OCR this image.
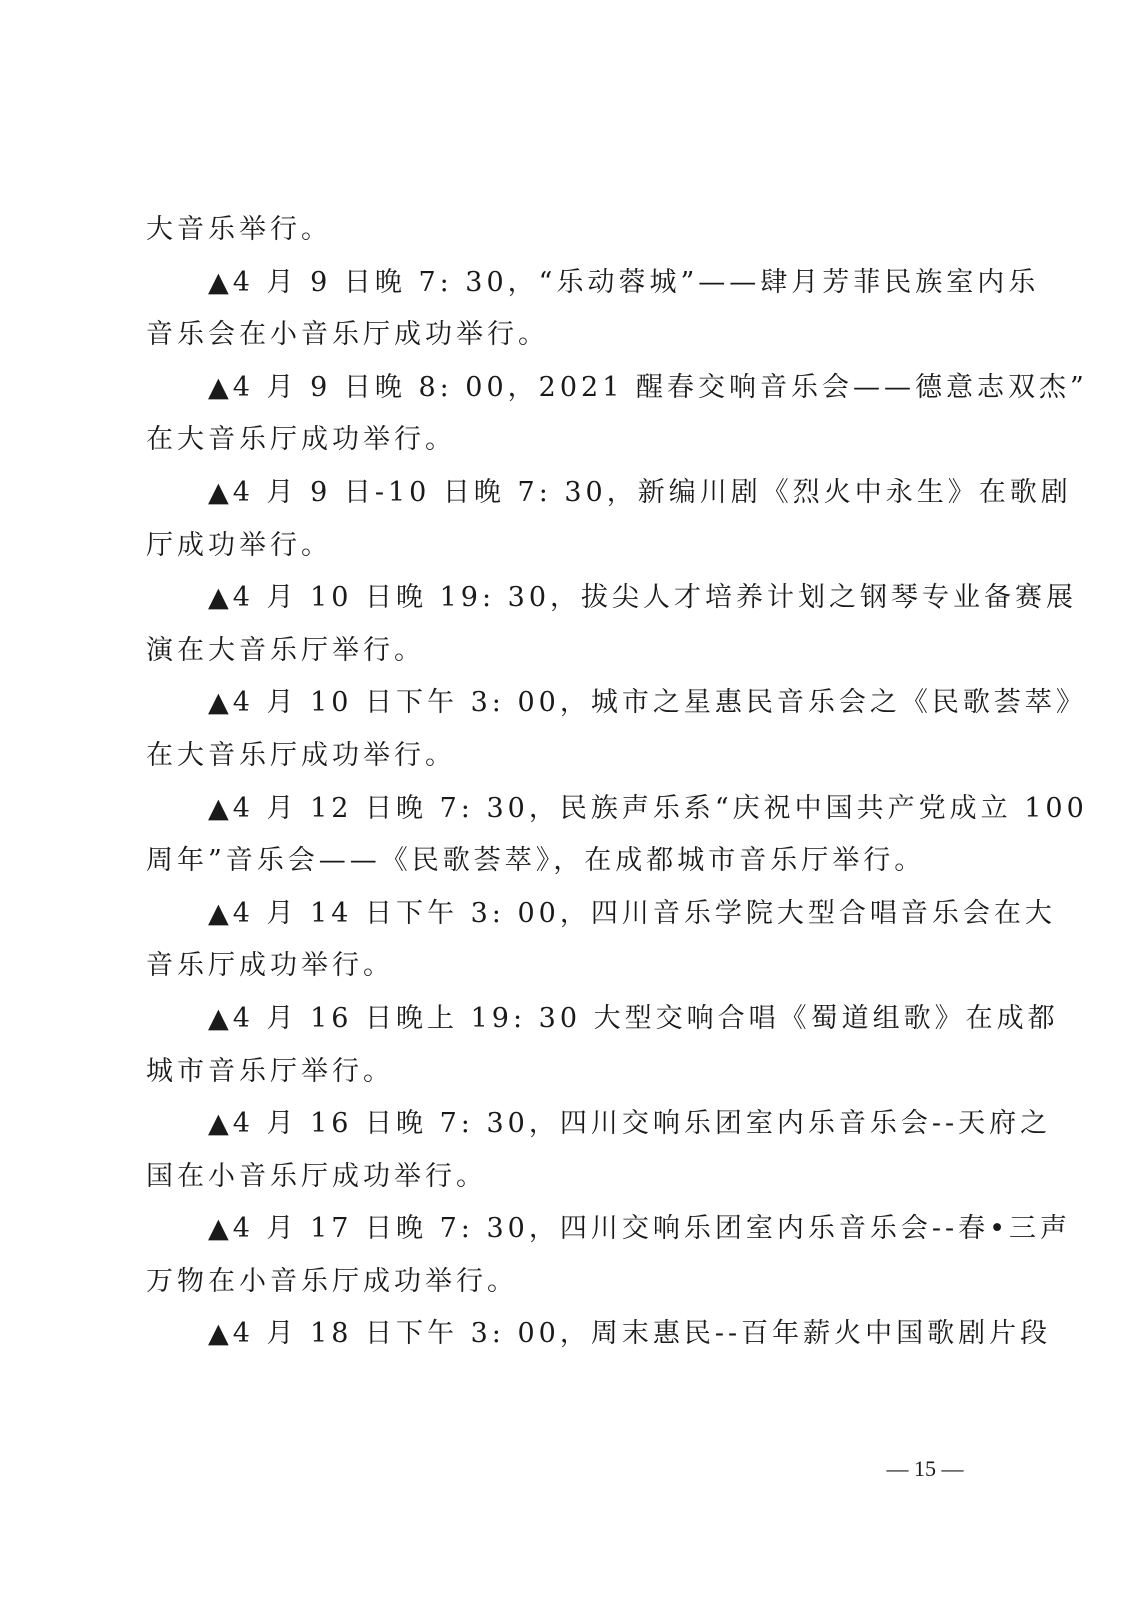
大音乐举行。
▲4 月 9 日晚 7: 30，“乐动蓉城”——肆月芳菲民族室内乐
音乐会在小音乐厅成功举行。
▲4 月 9 日晚 8: 00，2021 醒春交响音乐会——德意志双杰”
在大音乐厅成功举行。
▲4 月 9 日-10 日晚 7: 30，新编川剧《烈火中永生》在歌剧
厅成功举行。
▲4 月 10 日晚 19: 30，拔尖人才培养计划之钢琴专业备赛展
演在大音乐厅举行。
▲4 月 10 日下午 3: 00，城市之星惠民音乐会之《民歌荟萃》
在大音乐厅成功举行。
▲4 月 12 日晚 7: 30，民族声乐系“庆祝中国共产党成立 100
周年”音乐会——《民歌荟萃》，在成都城市音乐厅举行。
▲4 月 14 日下午 3: 00，四川音乐学院大型合唱音乐会在大
音乐厅成功举行。
▲4 月 16 日晚上 19: 30 大型交响合唱《蜀道组歌》在成都
城市音乐厅举行。
▲4 月 16 日晚 7: 30，四川交响乐团室内乐音乐会--天府之
国在小音乐厅成功举行。
▲4 月 17 日晚 7: 30，四川交响乐团室内乐音乐会--春•三声
万物在小音乐厅成功举行。
▲4 月 18 日下午 3: 00，周末惠民--百年薪火中国歌剧片段
— 15 —
